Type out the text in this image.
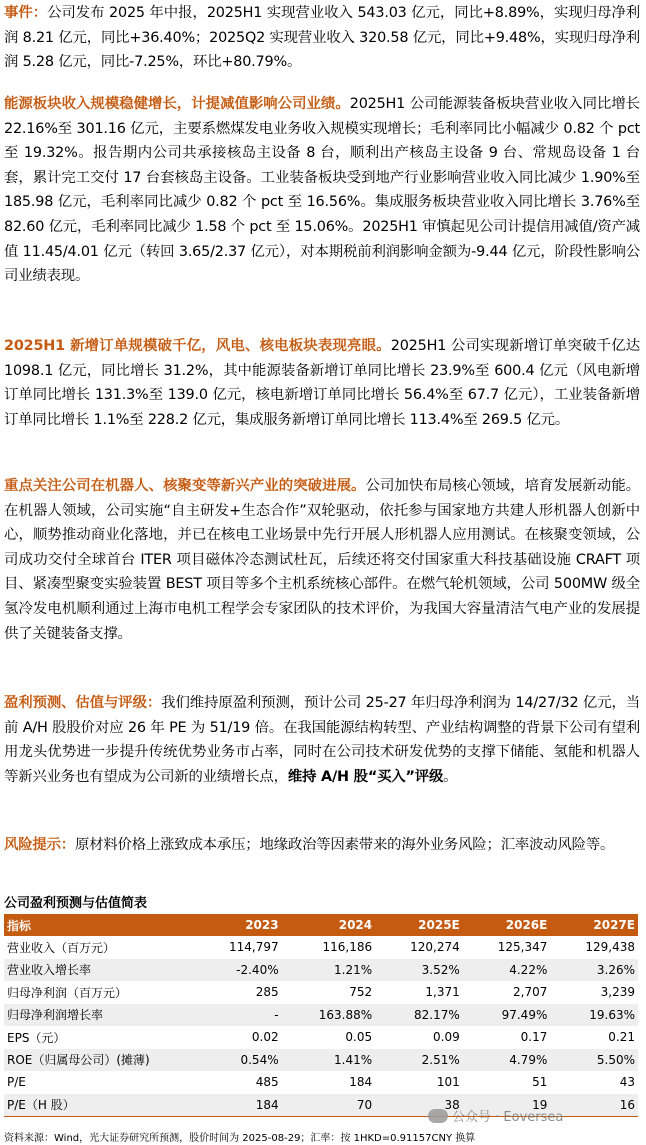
事件：公司发布 2025 年中报，2025H1 实现营业收入 543.03 亿元，同比+8.89%，实现归母净利润 8.21 亿元，同比+36.40%；2025Q2 实现营业收入 320.58 亿元，同比+9.48%，实现归母净利润 5.28 亿元，同比-7.25%，环比+80.79%。
能源板块收入规模稳健增长，计提减值影响公司业绩。2025H1 公司能源装备板块营业收入同比增长 22.16%至 301.16 亿元，主要系燃煤发电业务收入规模实现增长；毛利率同比小幅减少 0.82 个 pct 至 19.32%。报告期内公司共承接核岛主设备 8 台，顺利出产核岛主设备 9 台、常规岛设备 1 台套，累计完工交付 17 台套核岛主设备。工业装备板块受到地产行业影响营业收入同比减少 1.90%至 185.98 亿元，毛利率同比减少 0.82 个 pct 至 16.56%。集成服务板块营业收入同比增长 3.76%至 82.60 亿元，毛利率同比减少 1.58 个 pct 至 15.06%。2025H1 审慎起见公司计提信用减值/资产减值 11.45/4.01 亿元（转回 3.65/2.37 亿元），对本期税前利润影响金额为-9.44 亿元，阶段性影响公司业绩表现。
2025H1 新增订单规模破千亿，风电、核电板块表现亮眼。2025H1 公司实现新增订单突破千亿达 1098.1 亿元，同比增长 31.2%，其中能源装备新增订单同比增长 23.9%至 600.4 亿元（风电新增订单同比增长 131.3%至 139.0 亿元，核电新增订单同比增长 56.4%至 67.7 亿元），工业装备新增订单同比增长 1.1%至 228.2 亿元，集成服务新增订单同比增长 113.4%至 269.5 亿元。
重点关注公司在机器人、核聚变等新兴产业的突破进展。公司加快布局核心领域，培育发展新动能。在机器人领域，公司实施“自主研发+生态合作”双轮驱动，依托参与国家地方共建人形机器人创新中心，顺势推动商业化落地，并已在核电工业场景中先行开展人形机器人应用测试。在核聚变领域，公司成功交付全球首台 ITER 项目磁体冷态测试杜瓦，后续还将交付国家重大科技基础设施 CRAFT 项目、紧凑型聚变实验装置 BEST 项目等多个主机系统核心部件。在燃气轮机领域，公司 500MW 级全氢冷发电机顺利通过上海市电机工程学会专家团队的技术评价，为我国大容量清洁气电产业的发展提供了关键装备支撑。
盈利预测、估值与评级：我们维持原盈利预测，预计公司 25-27 年归母净利润为 14/27/32 亿元，当前 A/H 股股价对应 26 年 PE 为 51/19 倍。在我国能源结构转型、产业结构调整的背景下公司有望利用龙头优势进一步提升传统优势业务市占率，同时在公司技术研发优势的支撑下储能、氢能和机器人等新兴业务也有望成为公司新的业绩增长点，维持 A/H 股“买入”评级。
风险提示：原材料价格上涨致成本承压；地缘政治等因素带来的海外业务风险；汇率波动风险等。
公司盈利预测与估值简表
指标	2023	2024	2025E	2026E	2027E
营业收入（百万元）	114,797	116,186	120,274	125,347	129,438
营业收入增长率	-2.40%	1.21%	3.52%	4.22%	3.26%
归母净利润（百万元）	285	752	1,371	2,707	3,239
归母净利润增长率	-	163.88%	82.17%	97.49%	19.63%
EPS（元）	0.02	0.05	0.09	0.17	0.21
ROE（归属母公司）(摊薄)	0.54%	1.41%	2.51%	4.79%	5.50%
P/E	485	184	101	51	43
P/E（H 股）	184	70	38	19	16
公众号 · Eoversea
资料来源：Wind，光大证券研究所预测，股价时间为 2025-08-29；汇率：按 1HKD=0.91157CNY 换算
